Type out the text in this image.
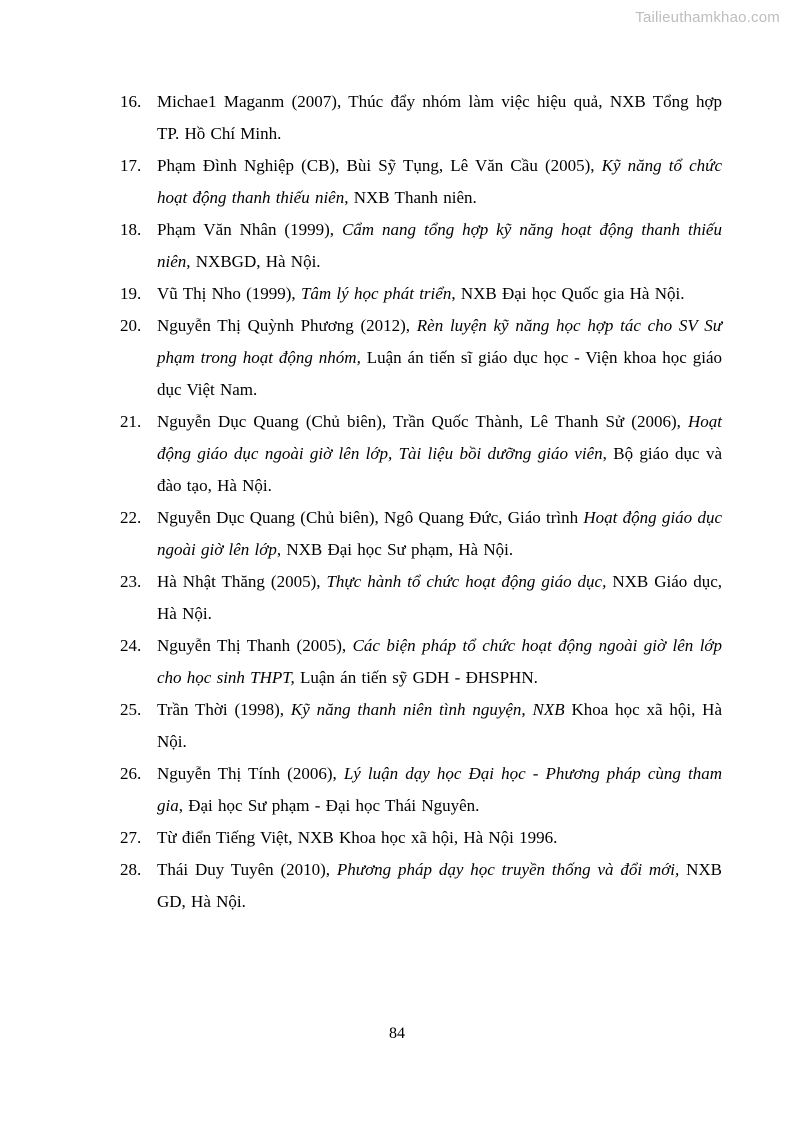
Tailieuthamkhao.com
16. Michae1 Maganm (2007), Thúc đẩy nhóm làm việc hiệu quả, NXB Tổng hợp TP. Hồ Chí Minh.
17. Phạm Đình Nghiệp (CB), Bùi Sỹ Tụng, Lê Văn Cầu (2005), Kỹ năng tổ chức hoạt động thanh thiếu niên, NXB Thanh niên.
18. Phạm Văn Nhân (1999), Cẩm nang tổng hợp kỹ năng hoạt động thanh thiếu niên, NXBGD, Hà Nội.
19. Vũ Thị Nho (1999), Tâm lý học phát triển, NXB Đại học Quốc gia Hà Nội.
20. Nguyễn Thị Quỳnh Phương (2012), Rèn luyện kỹ năng học hợp tác cho SV Sư phạm trong hoạt động nhóm, Luận án tiến sĩ giáo dục học - Viện khoa học giáo dục Việt Nam.
21. Nguyễn Dục Quang (Chủ biên), Trần Quốc Thành, Lê Thanh Sử (2006), Hoạt động giáo dục ngoài giờ lên lớp, Tài liệu bồi dưỡng giáo viên, Bộ giáo dục và đào tạo, Hà Nội.
22. Nguyễn Dục Quang (Chủ biên), Ngô Quang Đức, Giáo trình Hoạt động giáo dục ngoài giờ lên lớp, NXB Đại học Sư phạm, Hà Nội.
23. Hà Nhật Thăng (2005), Thực hành tổ chức hoạt động giáo dục, NXB Giáo dục, Hà Nội.
24. Nguyễn Thị Thanh (2005), Các biện pháp tổ chức hoạt động ngoài giờ lên lớp cho học sinh THPT, Luận án tiến sỹ GDH - ĐHSPHN.
25. Trần Thời (1998), Kỹ năng thanh niên tình nguyện, NXB Khoa học xã hội, Hà Nội.
26. Nguyễn Thị Tính (2006), Lý luận dạy học Đại học - Phương pháp cùng tham gia, Đại học Sư phạm - Đại học Thái Nguyên.
27. Từ điển Tiếng Việt, NXB Khoa học xã hội, Hà Nội 1996.
28. Thái Duy Tuyên (2010), Phương pháp dạy học truyền thống và đổi mới, NXB GD, Hà Nội.
84
